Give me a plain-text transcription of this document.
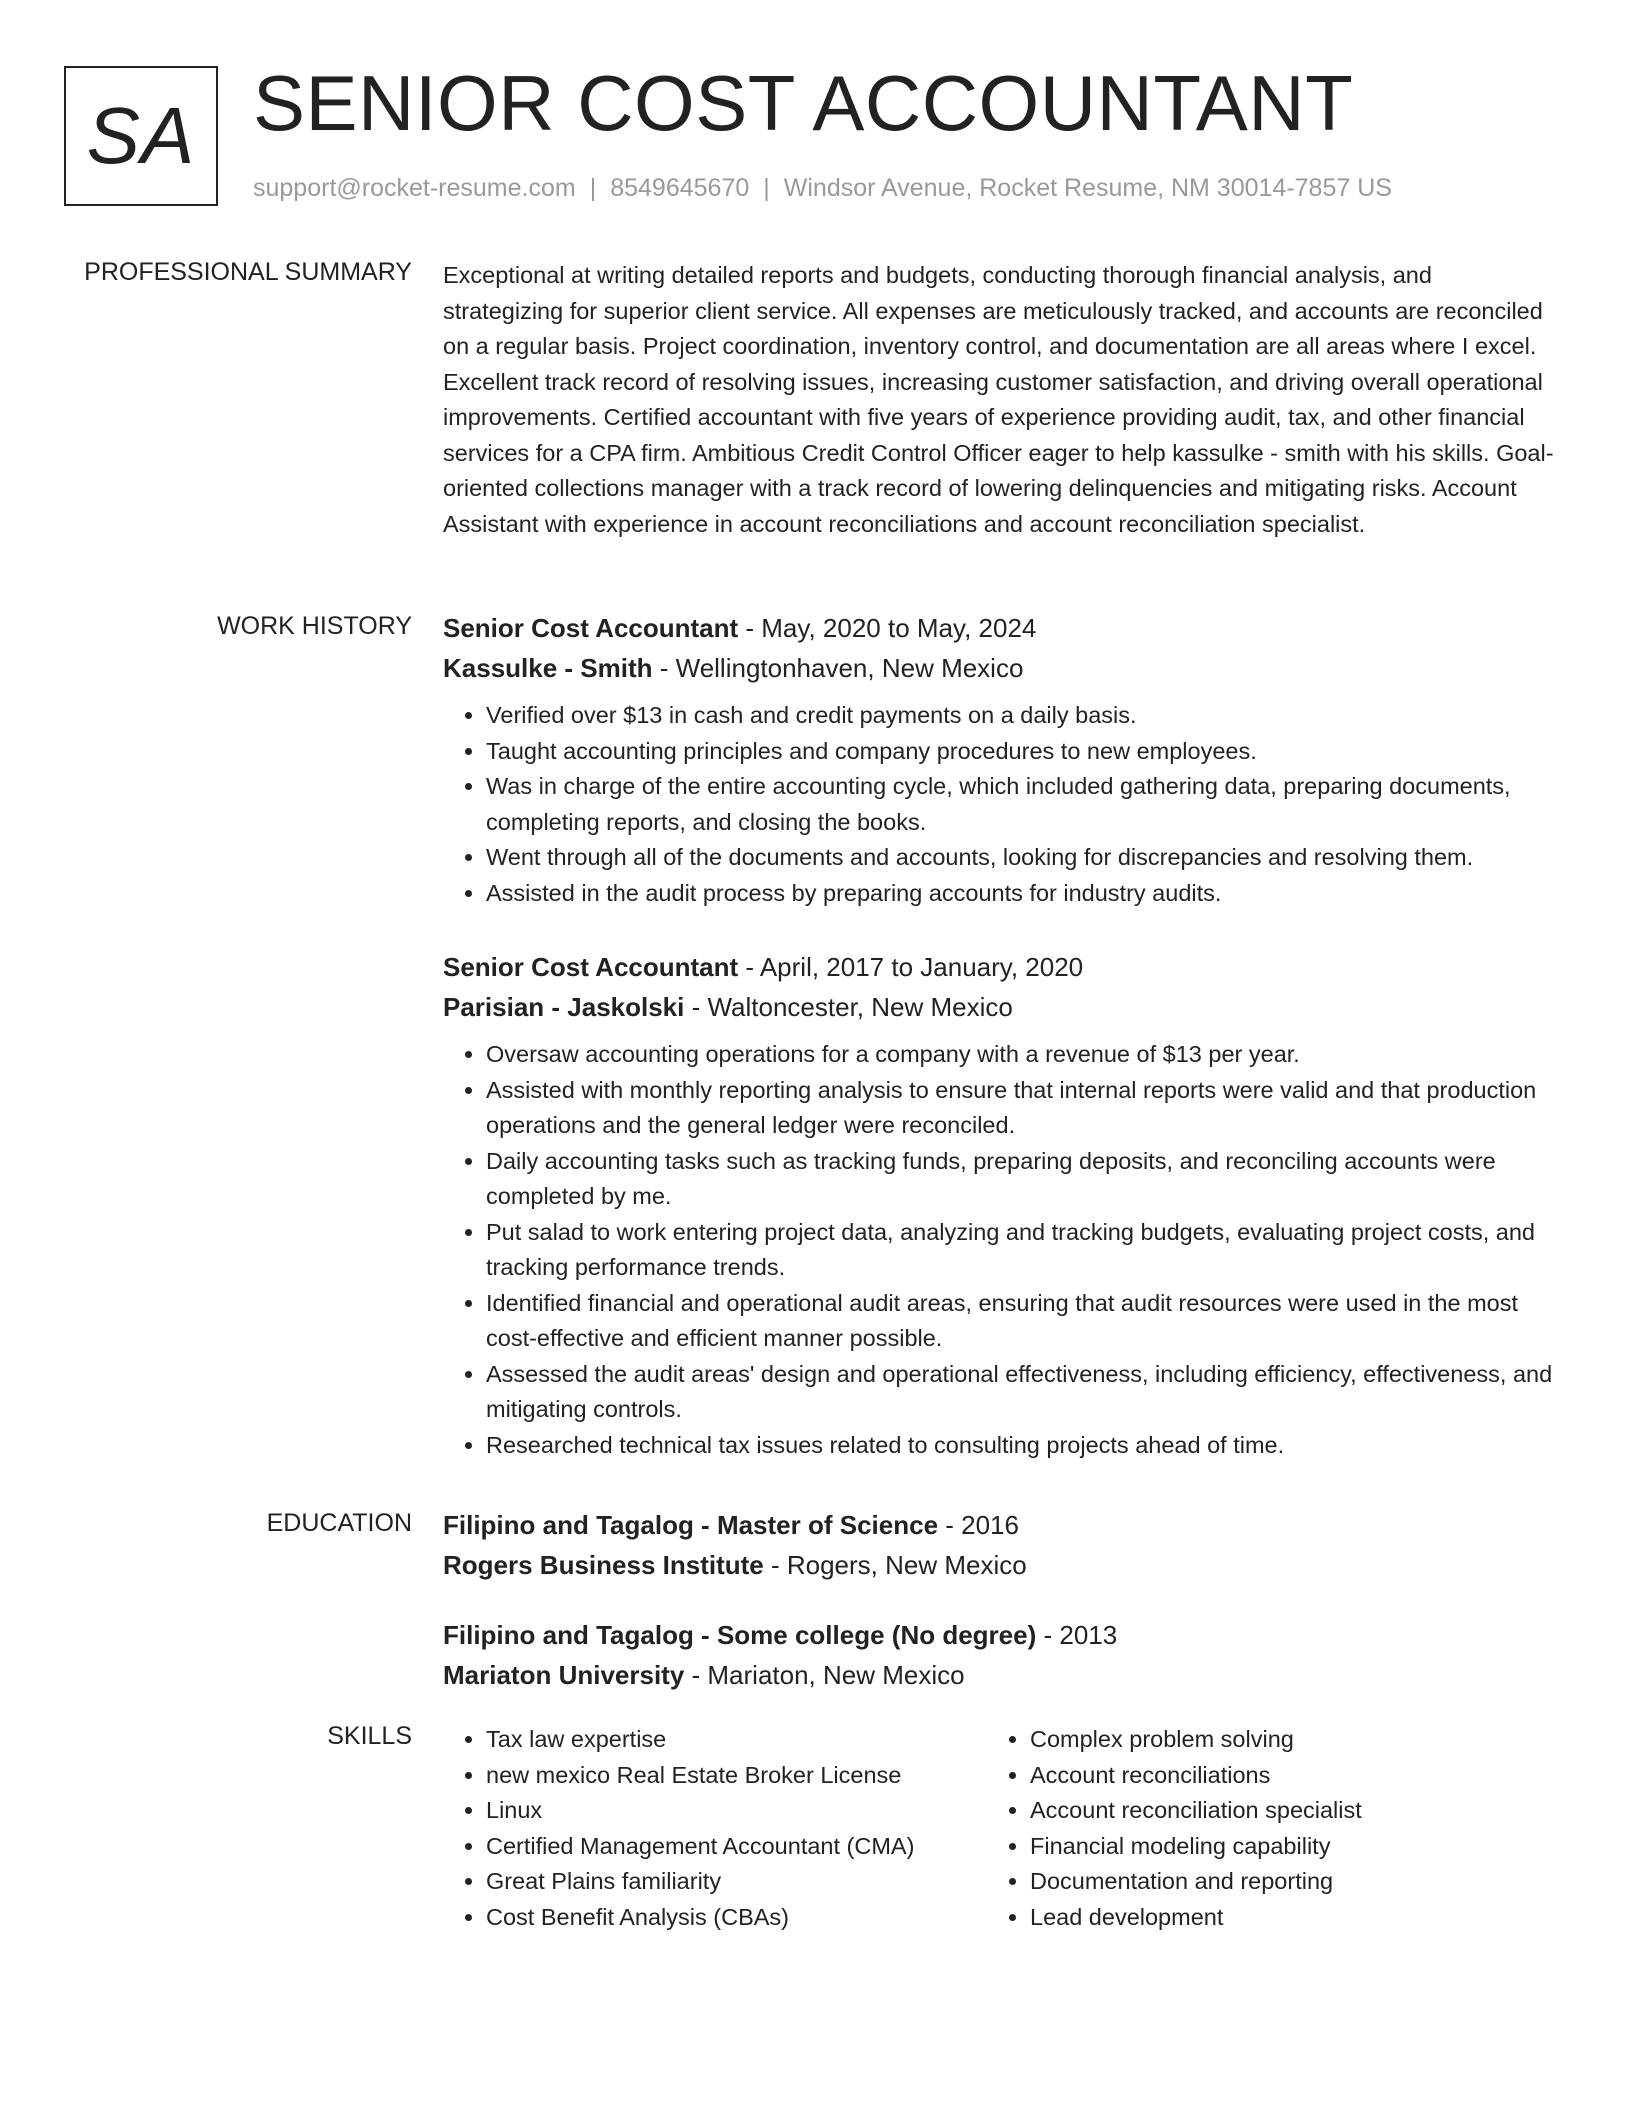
SA SENIOR COST ACCOUNTANT
support@rocket-resume.com | 8549645670 | Windsor Avenue, Rocket Resume, NM 30014-7857 US
PROFESSIONAL SUMMARY Exceptional at writing detailed reports and budgets, conducting thorough financial analysis, and strategizing for superior client service. All expenses are meticulously tracked, and accounts are reconciled on a regular basis. Project coordination, inventory control, and documentation are all areas where I excel. Excellent track record of resolving issues, increasing customer satisfaction, and driving overall operational improvements. Certified accountant with five years of experience providing audit, tax, and other financial services for a CPA firm. Ambitious Credit Control Officer eager to help kassulke - smith with his skills. Goal-oriented collections manager with a track record of lowering delinquencies and mitigating risks. Account Assistant with experience in account reconciliations and account reconciliation specialist.
WORK HISTORY Senior Cost Accountant - May, 2020 to May, 2024
Kassulke - Smith - Wellingtonhaven, New Mexico
• Verified over $13 in cash and credit payments on a daily basis.
• Taught accounting principles and company procedures to new employees.
• Was in charge of the entire accounting cycle, which included gathering data, preparing documents, completing reports, and closing the books.
• Went through all of the documents and accounts, looking for discrepancies and resolving them.
• Assisted in the audit process by preparing accounts for industry audits.
Senior Cost Accountant - April, 2017 to January, 2020
Parisian - Jaskolski - Waltoncester, New Mexico
• Oversaw accounting operations for a company with a revenue of $13 per year.
• Assisted with monthly reporting analysis to ensure that internal reports were valid and that production operations and the general ledger were reconciled.
• Daily accounting tasks such as tracking funds, preparing deposits, and reconciling accounts were completed by me.
• Put salad to work entering project data, analyzing and tracking budgets, evaluating project costs, and tracking performance trends.
• Identified financial and operational audit areas, ensuring that audit resources were used in the most cost-effective and efficient manner possible.
• Assessed the audit areas' design and operational effectiveness, including efficiency, effectiveness, and mitigating controls.
• Researched technical tax issues related to consulting projects ahead of time.
EDUCATION Filipino and Tagalog - Master of Science - 2016
Rogers Business Institute - Rogers, New Mexico
Filipino and Tagalog - Some college (No degree) - 2013
Mariaton University - Mariaton, New Mexico
SKILLS
•	Tax law expertise
• new mexico Real Estate Broker License
• Linux
• Certified Management Accountant (CMA)
• Great Plains familiarity
• Cost Benefit Analysis (CBAs)
• Complex problem solving
• Account reconciliations
• Account reconciliation specialist
• Financial modeling capability
• Documentation and reporting
• Lead development
